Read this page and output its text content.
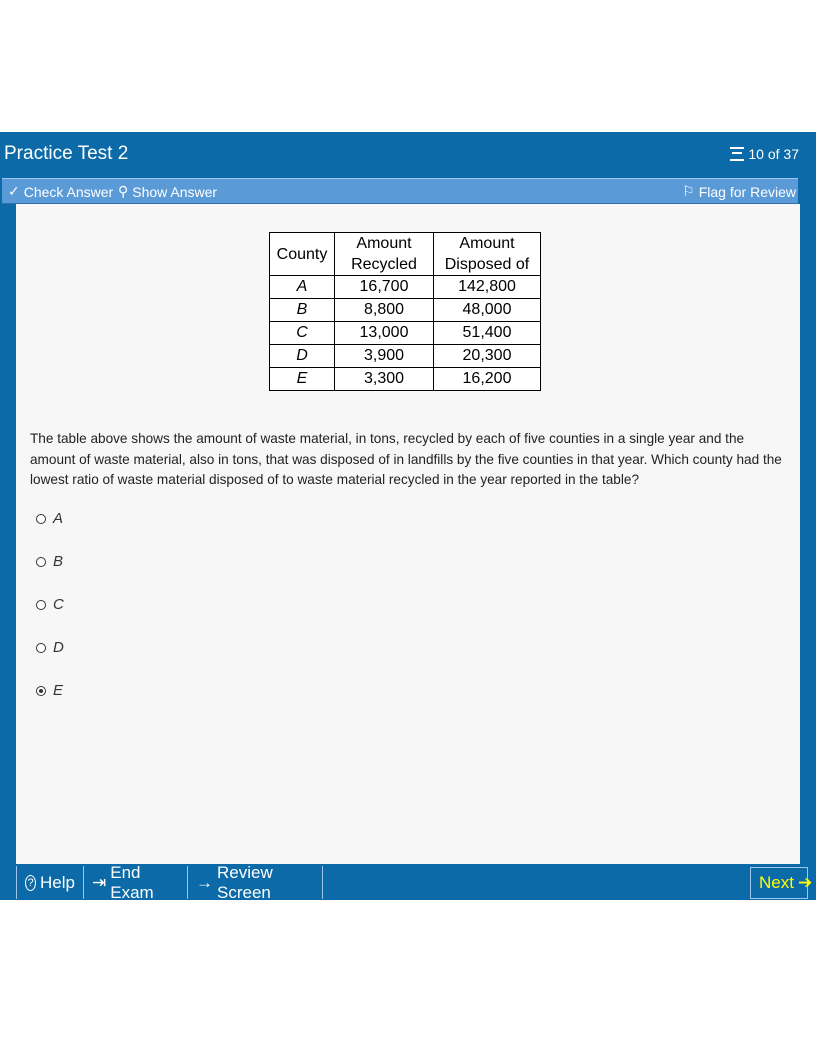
Practice Test 2	10 of 37
✓ Check Answer ⚲ Show Answer	⚐ Flag for Review
County	Amount
Recycled	Amount
Disposed of
A	16,700	142,800
B	8,800	48,000
C	13,000	51,400
D	3,900	20,300
E	3,300	16,200
The table above shows the amount of waste material, in tons, recycled by each of five counties in a single year and the amount of waste material, also in tons, that was disposed of in landfills by the five counties in that year. Which county had the lowest ratio of waste material disposed of to waste material recycled in the year reported in the table?
A
B
C
D
E
? Help ⇥
End Exam
→
Review Screen	Next ➔
